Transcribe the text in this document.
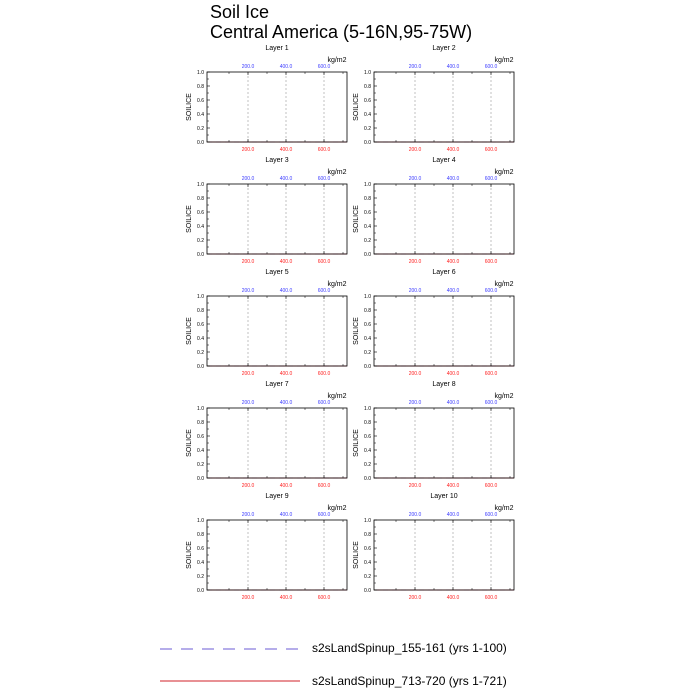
Soil Ice
Central America (5-16N,95-75W)
Layer 1
kg/m2
SOILICE
0.0
0.2
0.4
0.6
0.8
1.0
200.0	400.0	600.0
200.0	400.0	600.0
Layer 2
kg/m2
SOILICE
0.0
0.2
0.4
0.6
0.8
1.0
200.0	400.0	600.0
200.0	400.0	600.0
Layer 3
kg/m2
SOILICE
0.0
0.2
0.4
0.6
0.8
1.0
200.0	400.0	600.0
200.0	400.0	600.0
Layer 4
kg/m2
SOILICE
0.0
0.2
0.4
0.6
0.8
1.0
200.0	400.0	600.0
200.0	400.0	600.0
Layer 5
kg/m2
SOILICE
0.0
0.2
0.4
0.6
0.8
1.0
200.0	400.0	600.0
200.0	400.0	600.0
Layer 6
kg/m2
SOILICE
0.0
0.2
0.4
0.6
0.8
1.0
200.0	400.0	600.0
200.0	400.0	600.0
Layer 7
kg/m2
SOILICE
0.0
0.2
0.4
0.6
0.8
1.0
200.0	400.0	600.0
200.0	400.0	600.0
Layer 8
kg/m2
SOILICE
0.0
0.2
0.4
0.6
0.8
1.0
200.0	400.0	600.0
200.0	400.0	600.0
Layer 9
kg/m2
SOILICE
0.0
0.2
0.4
0.6
0.8
1.0
200.0	400.0	600.0
200.0	400.0	600.0
Layer 10
kg/m2
SOILICE
0.0
0.2
0.4
0.6
0.8
1.0
200.0	400.0	600.0
200.0	400.0	600.0
s2sLandSpinup_155-161 (yrs 1-100)
s2sLandSpinup_713-720 (yrs 1-721)
